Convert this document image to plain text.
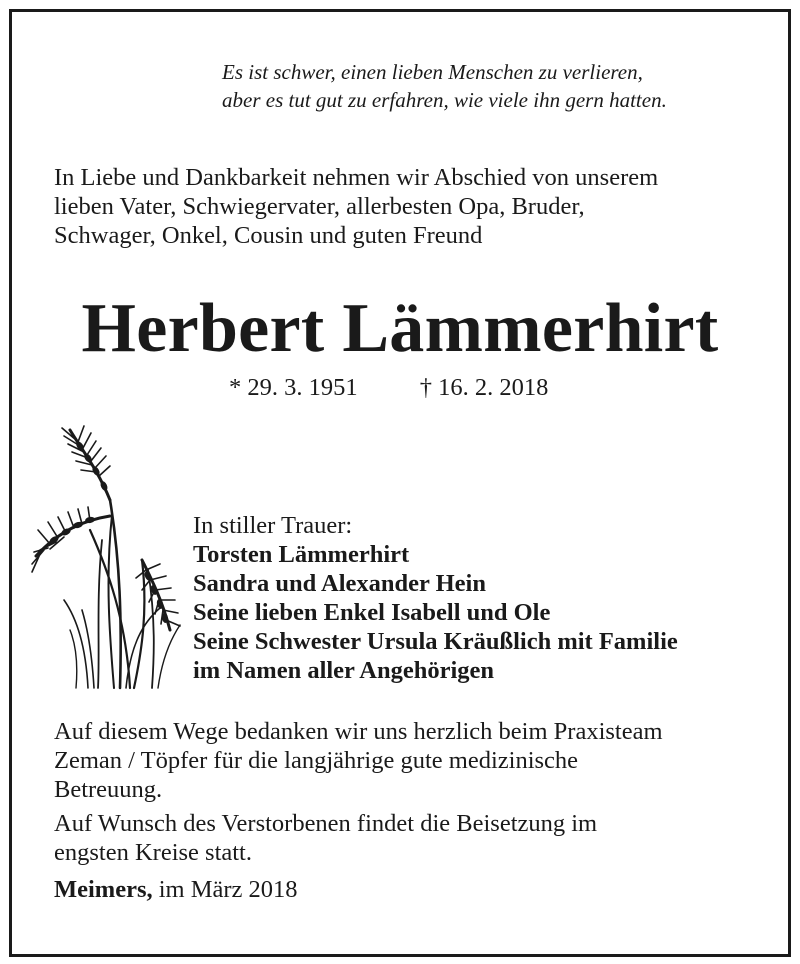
Es ist schwer, einen lieben Menschen zu verlieren,
aber es tut gut zu erfahren, wie viele ihn gern hatten.
In Liebe und Dankbarkeit nehmen wir Abschied von unserem
lieben Vater, Schwiegervater, allerbesten Opa, Bruder,
Schwager, Onkel, Cousin und guten Freund
Herbert Lämmerhirt
* 29. 3. 1951	† 16. 2. 2018
In stiller Trauer:
Torsten Lämmerhirt
Sandra und Alexander Hein
Seine lieben Enkel Isabell und Ole
Seine Schwester Ursula Kräußlich mit Familie
im Namen aller Angehörigen

Auf diesem Wege bedanken wir uns herzlich beim Praxisteam
Zeman / Töpfer für die langjährige gute medizinische
Betreuung.

Auf Wunsch des Verstorbenen findet die Beisetzung im
engsten Kreise statt.

Meimers, im März 2018
